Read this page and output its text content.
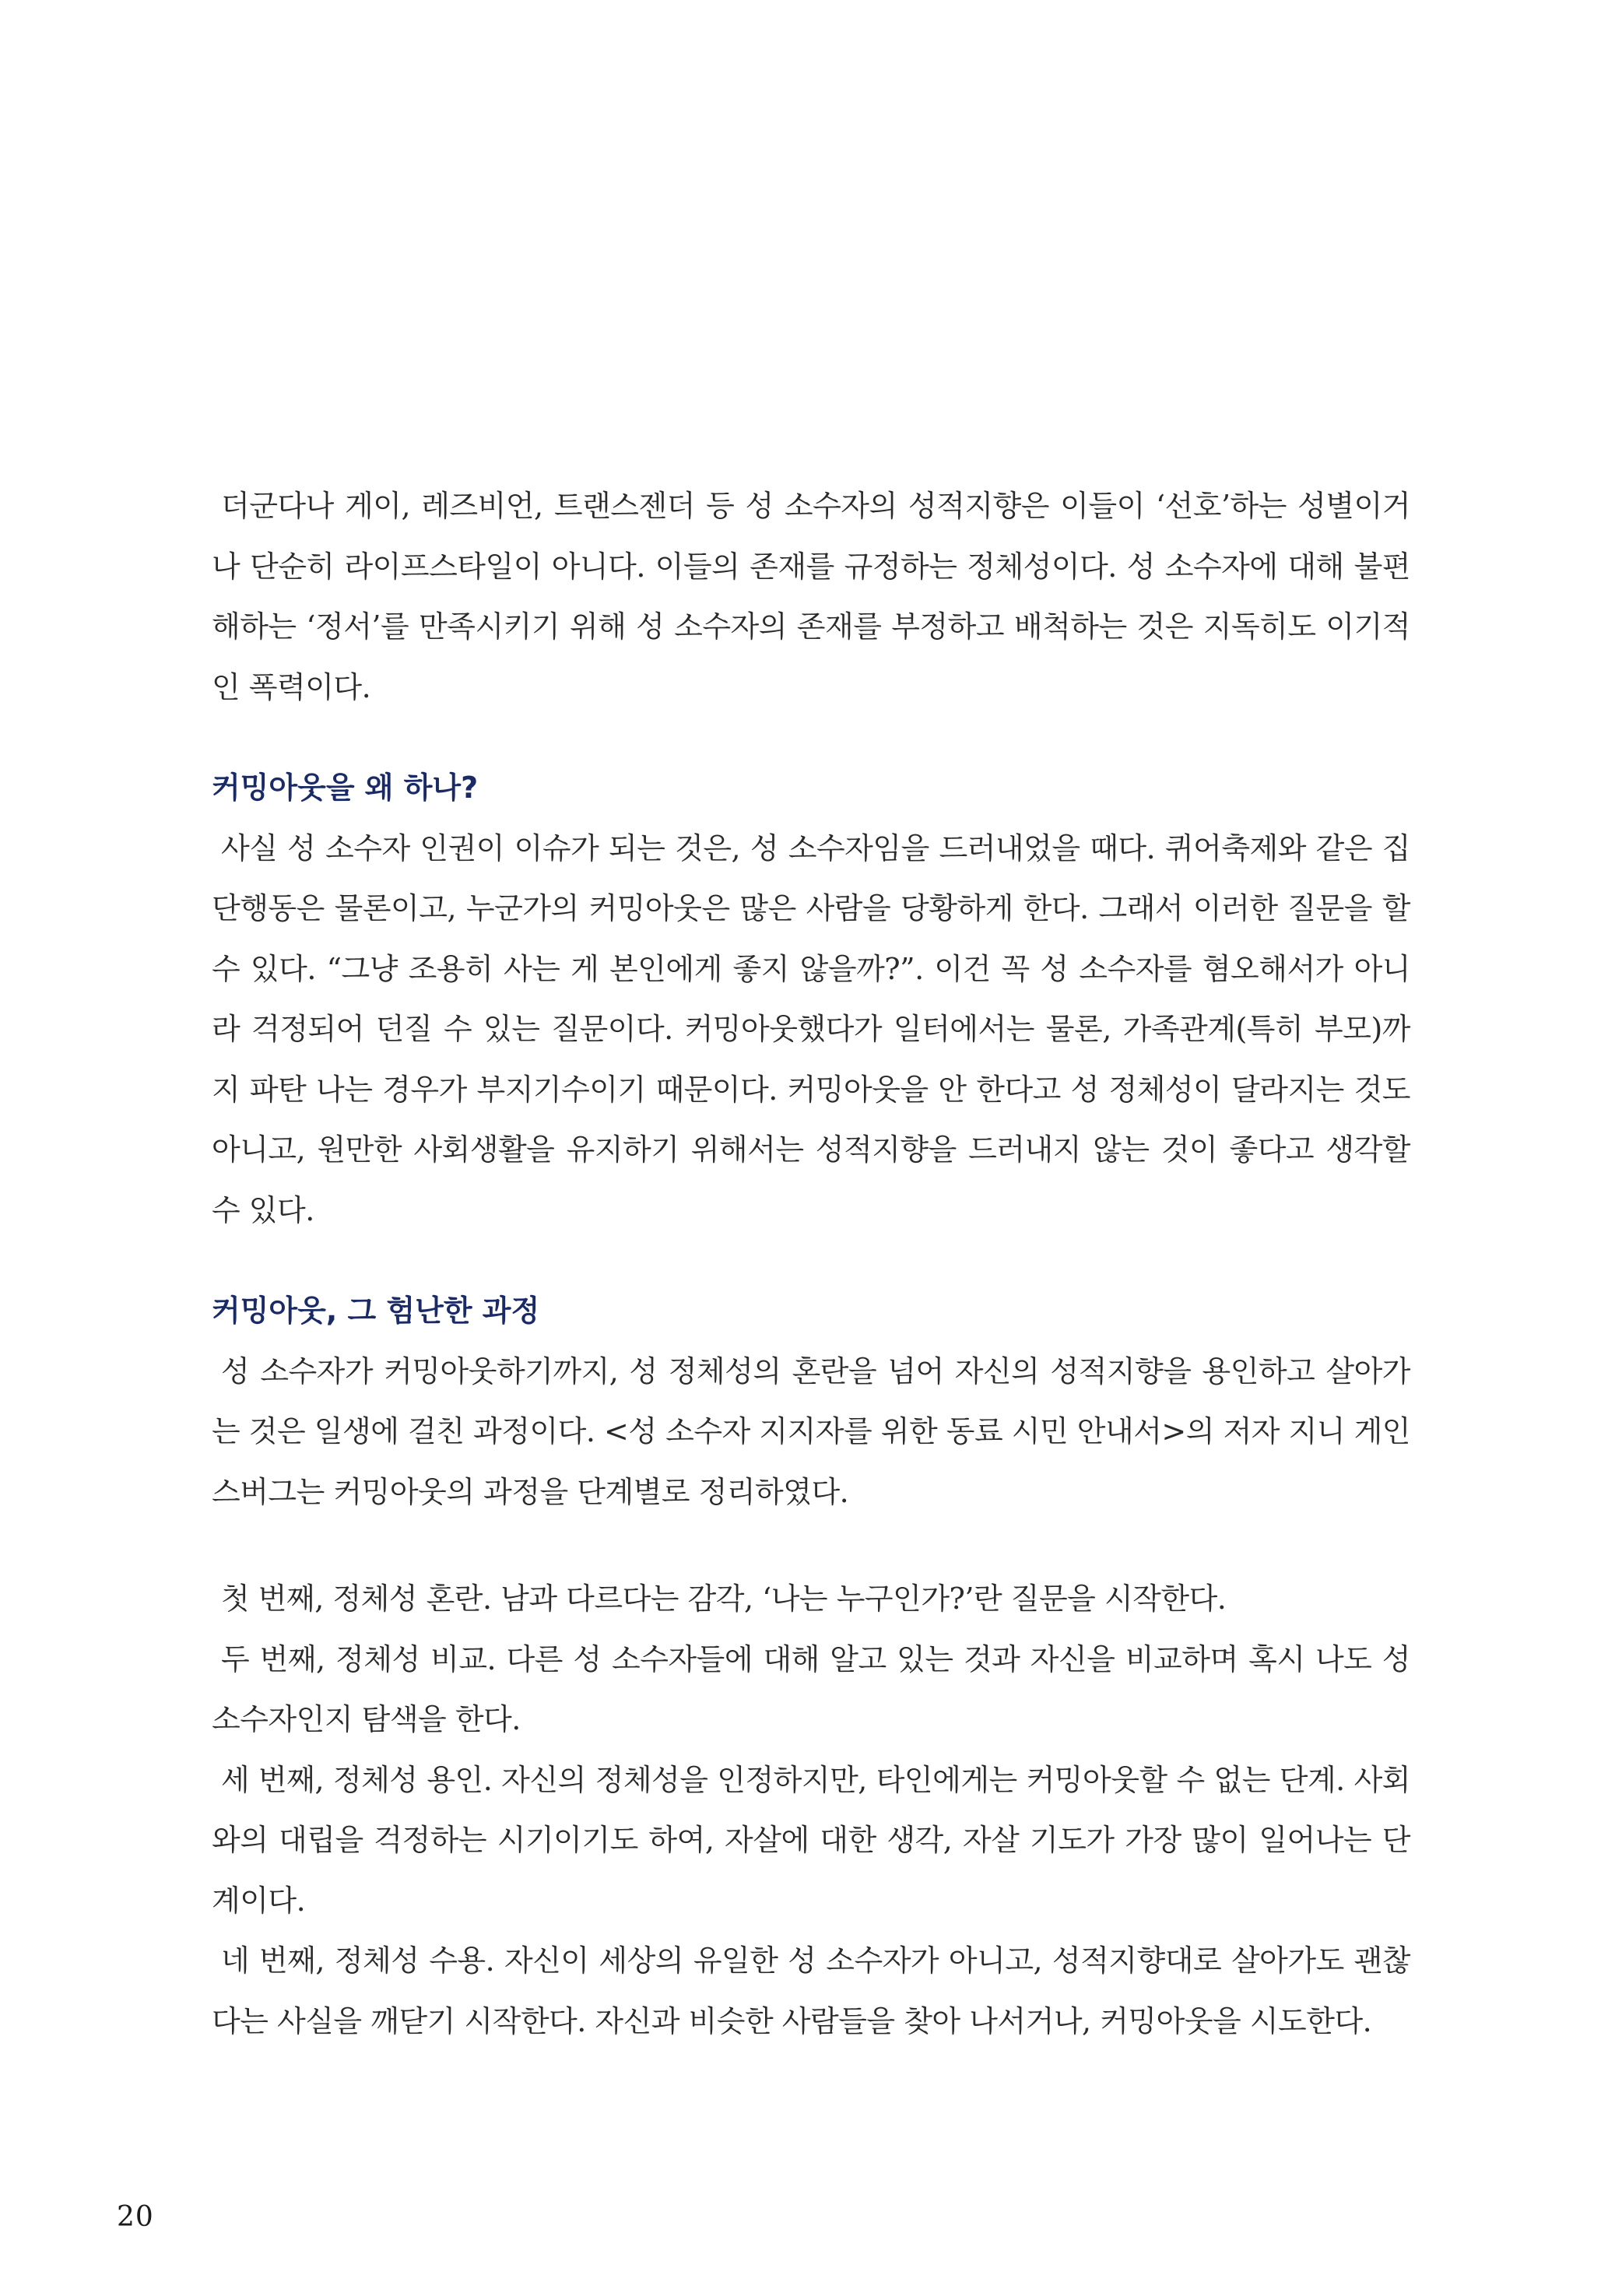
더군다나 게이, 레즈비언, 트랜스젠더 등 성 소수자의 성적지향은 이들이 ‘선호’하는 성별이거나 단순히 라이프스타일이 아니다. 이들의 존재를 규정하는 정체성이다. 성 소수자에 대해 불편해하는 ‘정서’를 만족시키기 위해 성 소수자의 존재를 부정하고 배척하는 것은 지독히도 이기적인 폭력이다.

커밍아웃을 왜 하나?

사실 성 소수자 인권이 이슈가 되는 것은, 성 소수자임을 드러내었을 때다. 퀴어축제와 같은 집단행동은 물론이고, 누군가의 커밍아웃은 많은 사람을 당황하게 한다. 그래서 이러한 질문을 할 수 있다. “그냥 조용히 사는 게 본인에게 좋지 않을까?”. 이건 꼭 성 소수자를 혐오해서가 아니라 걱정되어 던질 수 있는 질문이다. 커밍아웃했다가 일터에서는 물론, 가족관계(특히 부모)까지 파탄 나는 경우가 부지기수이기 때문이다. 커밍아웃을 안 한다고 성 정체성이 달라지는 것도 아니고, 원만한 사회생활을 유지하기 위해서는 성적지향을 드러내지 않는 것이 좋다고 생각할 수 있다.

커밍아웃, 그 험난한 과정

성 소수자가 커밍아웃하기까지, 성 정체성의 혼란을 넘어 자신의 성적지향을 용인하고 살아가는 것은 일생에 걸친 과정이다. <성 소수자 지지자를 위한 동료 시민 안내서>의 저자 지니 게인스버그는 커밍아웃의 과정을 단계별로 정리하였다.

첫 번째, 정체성 혼란. 남과 다르다는 감각, ‘나는 누구인가?’란 질문을 시작한다.

두 번째, 정체성 비교. 다른 성 소수자들에 대해 알고 있는 것과 자신을 비교하며 혹시 나도 성 소수자인지 탐색을 한다.

세 번째, 정체성 용인. 자신의 정체성을 인정하지만, 타인에게는 커밍아웃할 수 없는 단계. 사회와의 대립을 걱정하는 시기이기도 하여, 자살에 대한 생각, 자살 기도가 가장 많이 일어나는 단계이다.

네 번째, 정체성 수용. 자신이 세상의 유일한 성 소수자가 아니고, 성적지향대로 살아가도 괜찮다는 사실을 깨닫기 시작한다. 자신과 비슷한 사람들을 찾아 나서거나, 커밍아웃을 시도한다.

20
